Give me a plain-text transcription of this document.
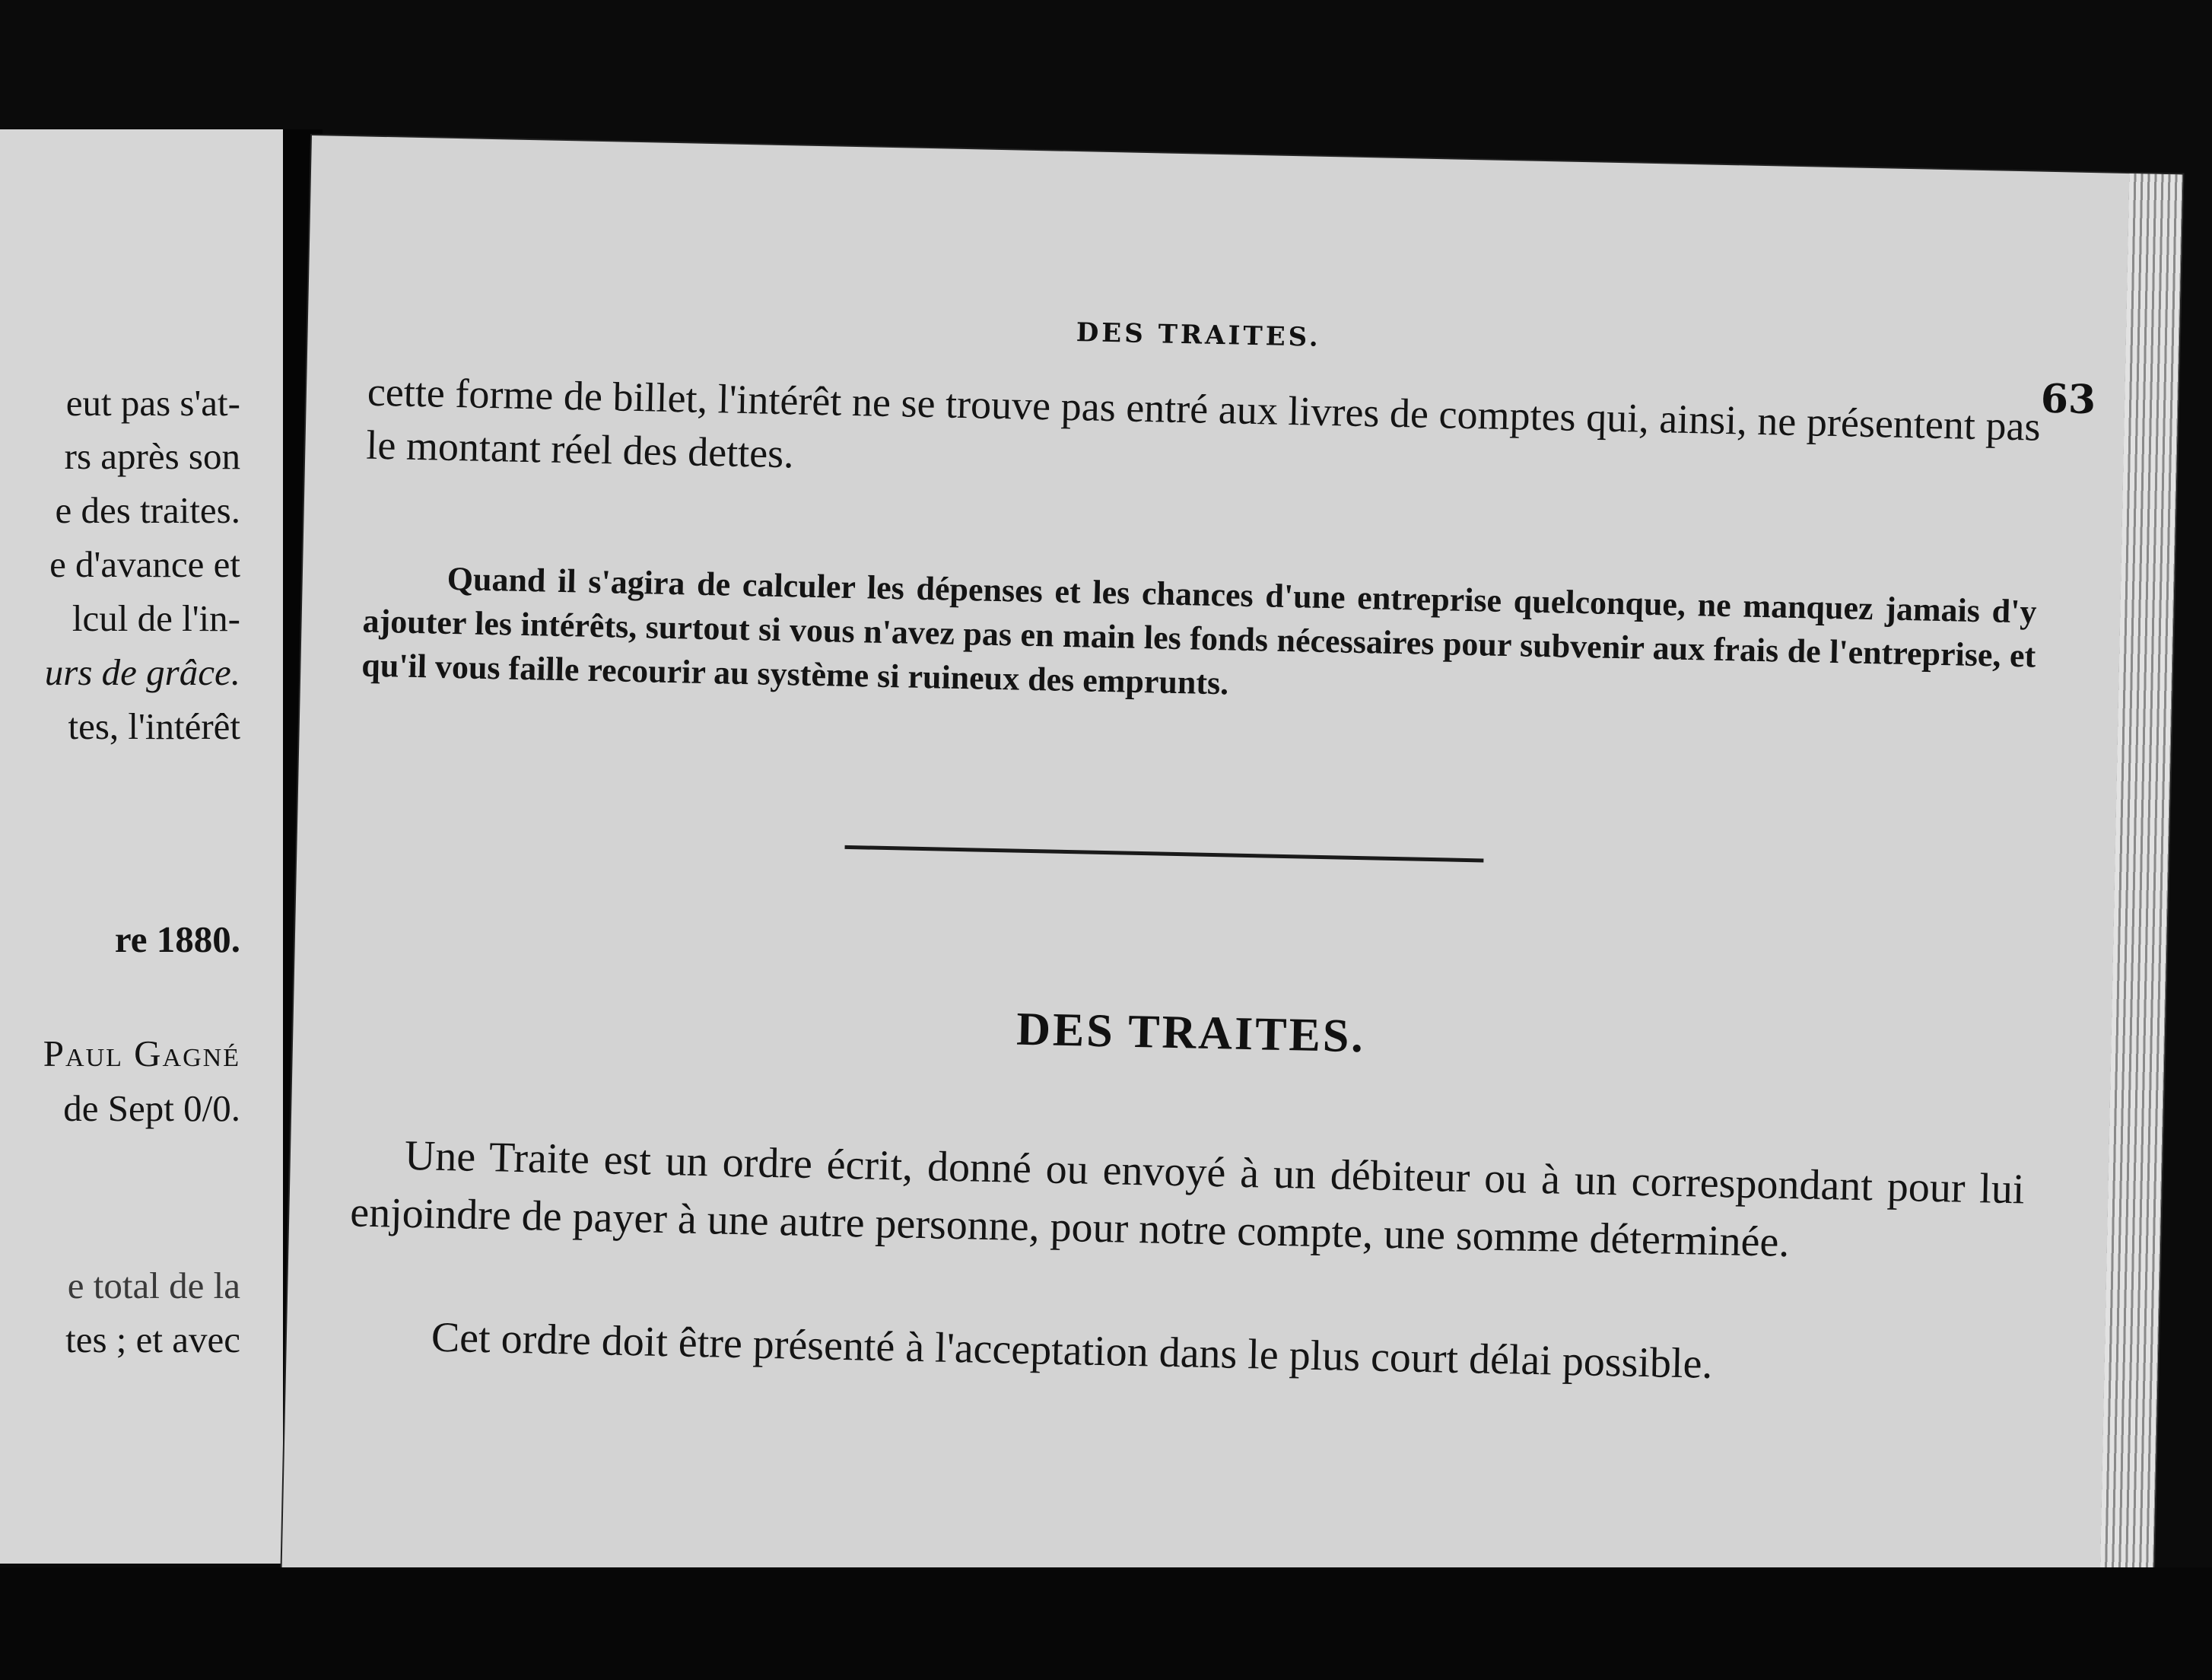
eut pas s'at-
rs après son
e des traites.
e d'avance et
lcul de l'in-
urs de grâce.
tes, l'intérêt
re 1880.
Paul Gagné
de Sept 0/0.
e total de la
tes ; et avec
DES TRAITES.
63

cette forme de billet, l'intérêt ne se trouve pas entré aux livres de comptes qui, ainsi, ne présentent pas le montant réel des dettes.

Quand il s'agira de calculer les dépenses et les chances d'une entreprise quelconque, ne manquez jamais d'y ajouter les intérêts, surtout si vous n'avez pas en main les fonds nécessaires pour subvenir aux frais de l'entreprise, et qu'il vous faille recourir au système si ruineux des emprunts.

DES TRAITES.

Une Traite est un ordre écrit, donné ou envoyé à un débiteur ou à un correspondant pour lui enjoindre de payer à une autre personne, pour notre compte, une somme déterminée.

Cet ordre doit être présenté à l'acceptation dans le plus court délai possible.
